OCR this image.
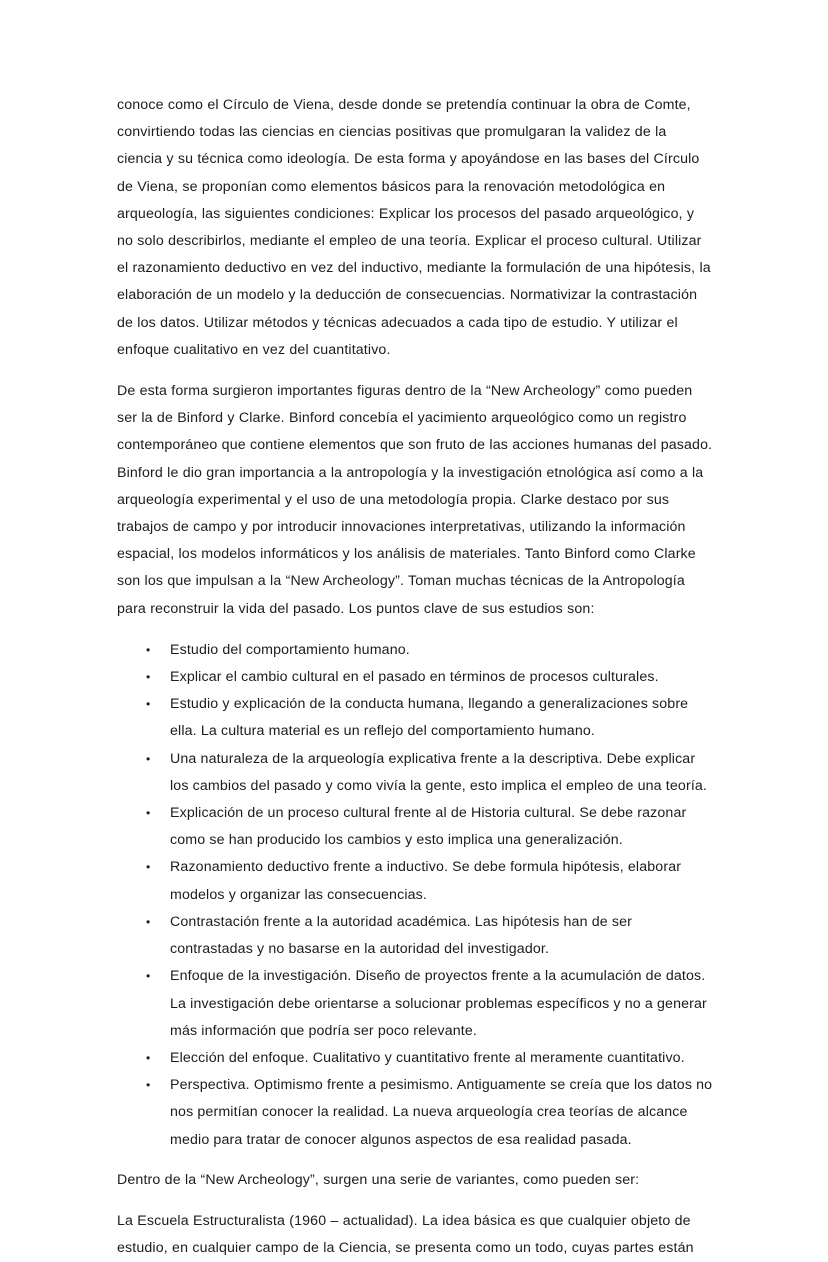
conoce como el Círculo de Viena, desde donde se pretendía continuar la obra de Comte, convirtiendo todas las ciencias en ciencias positivas que promulgaran la validez de la ciencia y su técnica como ideología. De esta forma y apoyándose en las bases del Círculo de Viena, se proponían como elementos básicos para la renovación metodológica en arqueología, las siguientes condiciones: Explicar los procesos del pasado arqueológico, y no solo describirlos, mediante el empleo de una teoría. Explicar el proceso cultural. Utilizar el razonamiento deductivo en vez del inductivo, mediante la formulación de una hipótesis, la elaboración de un modelo y la deducción de consecuencias. Normativizar la contrastación de los datos. Utilizar métodos y técnicas adecuados a cada tipo de estudio. Y utilizar el enfoque cualitativo en vez del cuantitativo.

De esta forma surgieron importantes figuras dentro de la “New Archeology” como pueden ser la de Binford y Clarke. Binford concebía el yacimiento arqueológico como un registro contemporáneo que contiene elementos que son fruto de las acciones humanas del pasado. Binford le dio gran importancia a la antropología y la investigación etnológica así como a la arqueología experimental y el uso de una metodología propia. Clarke destaco por sus trabajos de campo y por introducir innovaciones interpretativas, utilizando la información espacial, los modelos informáticos y los análisis de materiales. Tanto Binford como Clarke son los que impulsan a la “New Archeology”. Toman muchas técnicas de la Antropología para reconstruir la vida del pasado. Los puntos clave de sus estudios son:

•	Estudio del comportamiento humano.
•	Explicar el cambio cultural en el pasado en términos de procesos culturales.
•	Estudio y explicación de la conducta humana, llegando a generalizaciones sobre ella. La cultura material es un reflejo del comportamiento humano.
•	Una naturaleza de la arqueología explicativa frente a la descriptiva. Debe explicar los cambios del pasado y como vivía la gente, esto implica el empleo de una teoría.
•	Explicación de un proceso cultural frente al de Historia cultural. Se debe razonar como se han producido los cambios y esto implica una generalización.
•	Razonamiento deductivo frente a inductivo. Se debe formula hipótesis, elaborar modelos y organizar las consecuencias.
•	Contrastación frente a la autoridad académica. Las hipótesis han de ser contrastadas y no basarse en la autoridad del investigador.
•	Enfoque de la investigación. Diseño de proyectos frente a la acumulación de datos. La investigación debe orientarse a solucionar problemas específicos y no a generar más información que podría ser poco relevante.
•	Elección del enfoque. Cualitativo y cuantitativo frente al meramente cuantitativo.
•	Perspectiva. Optimismo frente a pesimismo. Antiguamente se creía que los datos no nos permitían conocer la realidad. La nueva arqueología crea teorías de alcance medio para tratar de conocer algunos aspectos de esa realidad pasada.

Dentro de la “New Archeology”, surgen una serie de variantes, como pueden ser:

La Escuela Estructuralista (1960 – actualidad). La idea básica es que cualquier objeto de estudio, en cualquier campo de la Ciencia, se presenta como un todo, cuyas partes están
